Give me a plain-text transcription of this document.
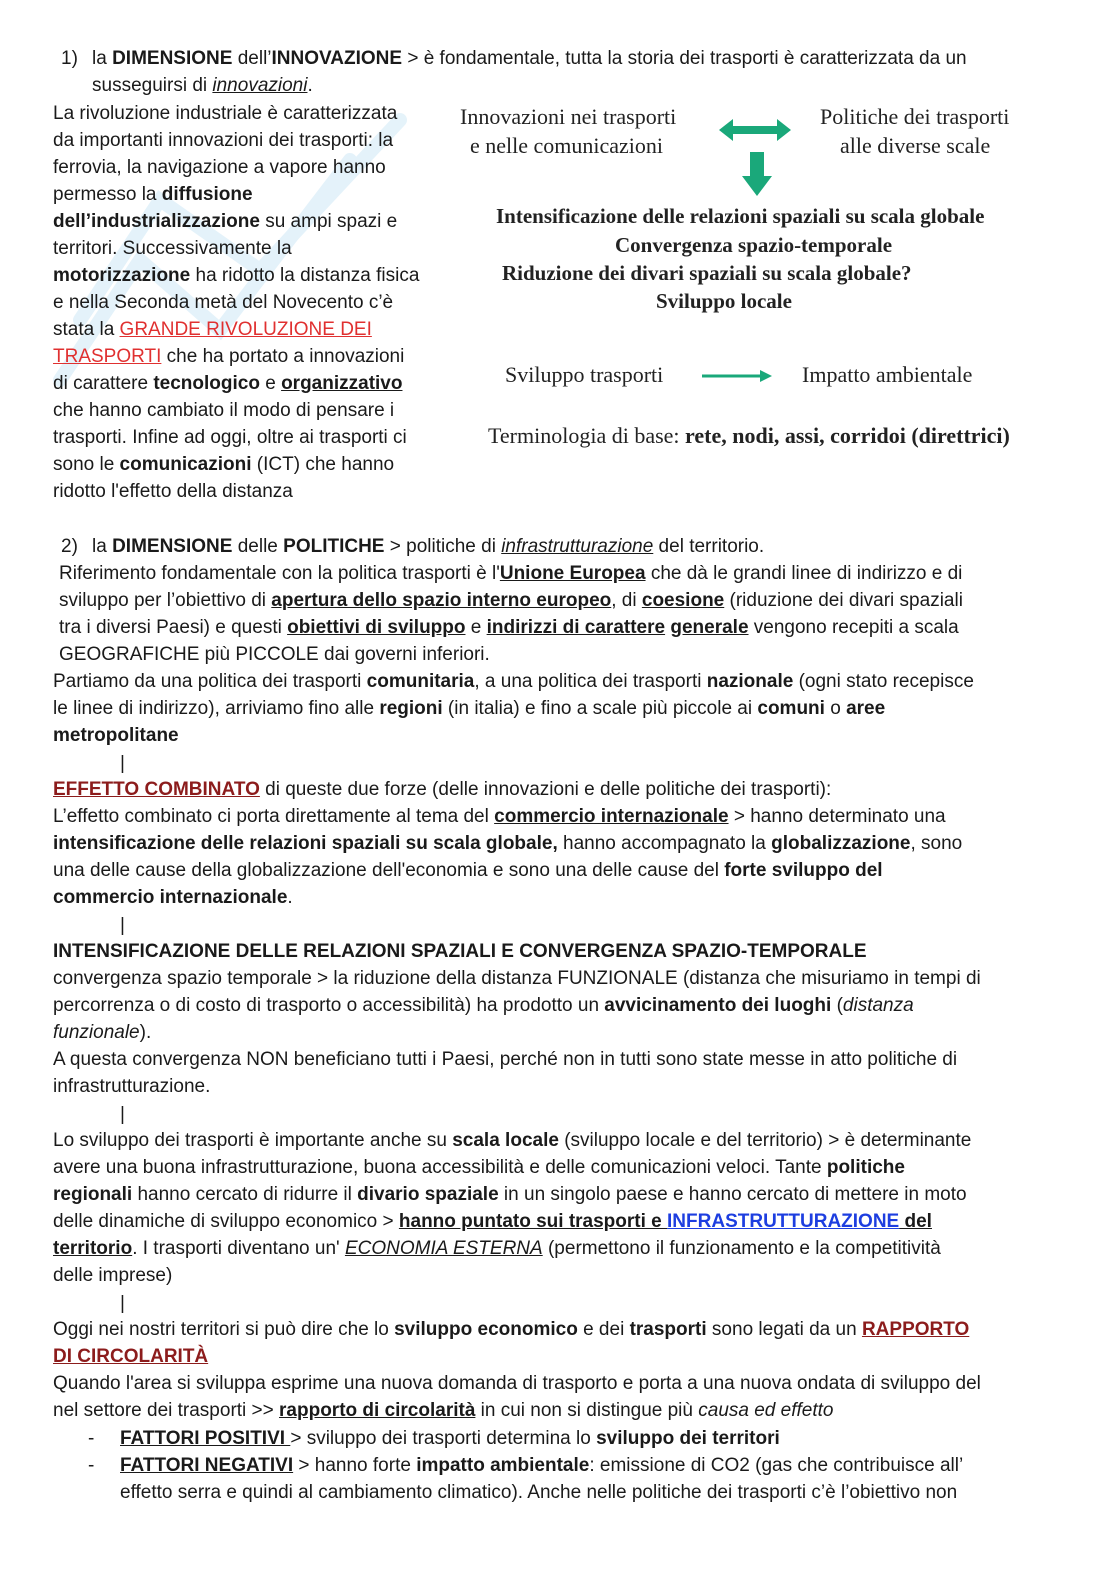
1) la DIMENSIONE dell’INNOVAZIONE > è fondamentale, tutta la storia dei trasporti è caratterizzata da un
susseguirsi di innovazioni.
La rivoluzione industriale è caratterizzata
da importanti innovazioni dei trasporti: la
ferrovia, la navigazione a vapore hanno
permesso la diffusione
dell’industrializzazione su ampi spazi e
territori. Successivamente la
motorizzazione ha ridotto la distanza fisica
e nella Seconda metà del Novecento c’è
stata la GRANDE RIVOLUZIONE DEI
TRASPORTI che ha portato a innovazioni
di carattere tecnologico e organizzativo
che hanno cambiato il modo di pensare i
trasporti. Infine ad oggi, oltre ai trasporti ci
sono le comunicazioni (ICT) che hanno
ridotto l'effetto della distanza
Innovazioni nei trasporti
e nelle comunicazioni
Politiche dei trasporti
alle diverse scale
Intensificazione delle relazioni spaziali su scala globale
Convergenza spazio-temporale
Riduzione dei divari spaziali su scala globale?
Sviluppo locale
Sviluppo trasporti	Impatto ambientale
Terminologia di base: rete, nodi, assi, corridoi (direttrici)
2) la DIMENSIONE delle POLITICHE > politiche di infrastrutturazione del territorio.
Riferimento fondamentale con la politica trasporti è l'Unione Europea che dà le grandi linee di indirizzo e di
sviluppo per l’obiettivo di apertura dello spazio interno europeo, di coesione (riduzione dei divari spaziali
tra i diversi Paesi) e questi obiettivi di sviluppo e indirizzi di carattere generale vengono recepiti a scala
GEOGRAFICHE più PICCOLE dai governi inferiori.
Partiamo da una politica dei trasporti comunitaria, a una politica dei trasporti nazionale (ogni stato recepisce
le linee di indirizzo), arriviamo fino alle regioni (in italia) e fino a scale più piccole ai comuni o aree
metropolitane
|
EFFETTO COMBINATO di queste due forze (delle innovazioni e delle politiche dei trasporti):
L’effetto combinato ci porta direttamente al tema del commercio internazionale > hanno determinato una
intensificazione delle relazioni spaziali su scala globale, hanno accompagnato la globalizzazione, sono
una delle cause della globalizzazione dell'economia e sono una delle cause del forte sviluppo del
commercio internazionale.
|
INTENSIFICAZIONE DELLE RELAZIONI SPAZIALI E CONVERGENZA SPAZIO-TEMPORALE
convergenza spazio temporale > la riduzione della distanza FUNZIONALE (distanza che misuriamo in tempi di
percorrenza o di costo di trasporto o accessibilità) ha prodotto un avvicinamento dei luoghi (distanza
funzionale).
A questa convergenza NON beneficiano tutti i Paesi, perché non in tutti sono state messe in atto politiche di
infrastrutturazione.
|
Lo sviluppo dei trasporti è importante anche su scala locale (sviluppo locale e del territorio) > è determinante
avere una buona infrastrutturazione, buona accessibilità e delle comunicazioni veloci. Tante politiche
regionali hanno cercato di ridurre il divario spaziale in un singolo paese e hanno cercato di mettere in moto
delle dinamiche di sviluppo economico > hanno puntato sui trasporti e INFRASTRUTTURAZIONE del
territorio. I trasporti diventano un' ECONOMIA ESTERNA (permettono il funzionamento e la competitività
delle imprese)
|
Oggi nei nostri territori si può dire che lo sviluppo economico e dei trasporti sono legati da un RAPPORTO
DI CIRCOLARITÀ
Quando l'area si sviluppa esprime una nuova domanda di trasporto e porta a una nuova ondata di sviluppo del
nel settore dei trasporti >> rapporto di circolarità in cui non si distingue più causa ed effetto
- FATTORI POSITIVI > sviluppo dei trasporti determina lo sviluppo dei territori
- FATTORI NEGATIVI > hanno forte impatto ambientale: emissione di CO2 (gas che contribuisce all’
effetto serra e quindi al cambiamento climatico). Anche nelle politiche dei trasporti c’è l’obiettivo non
